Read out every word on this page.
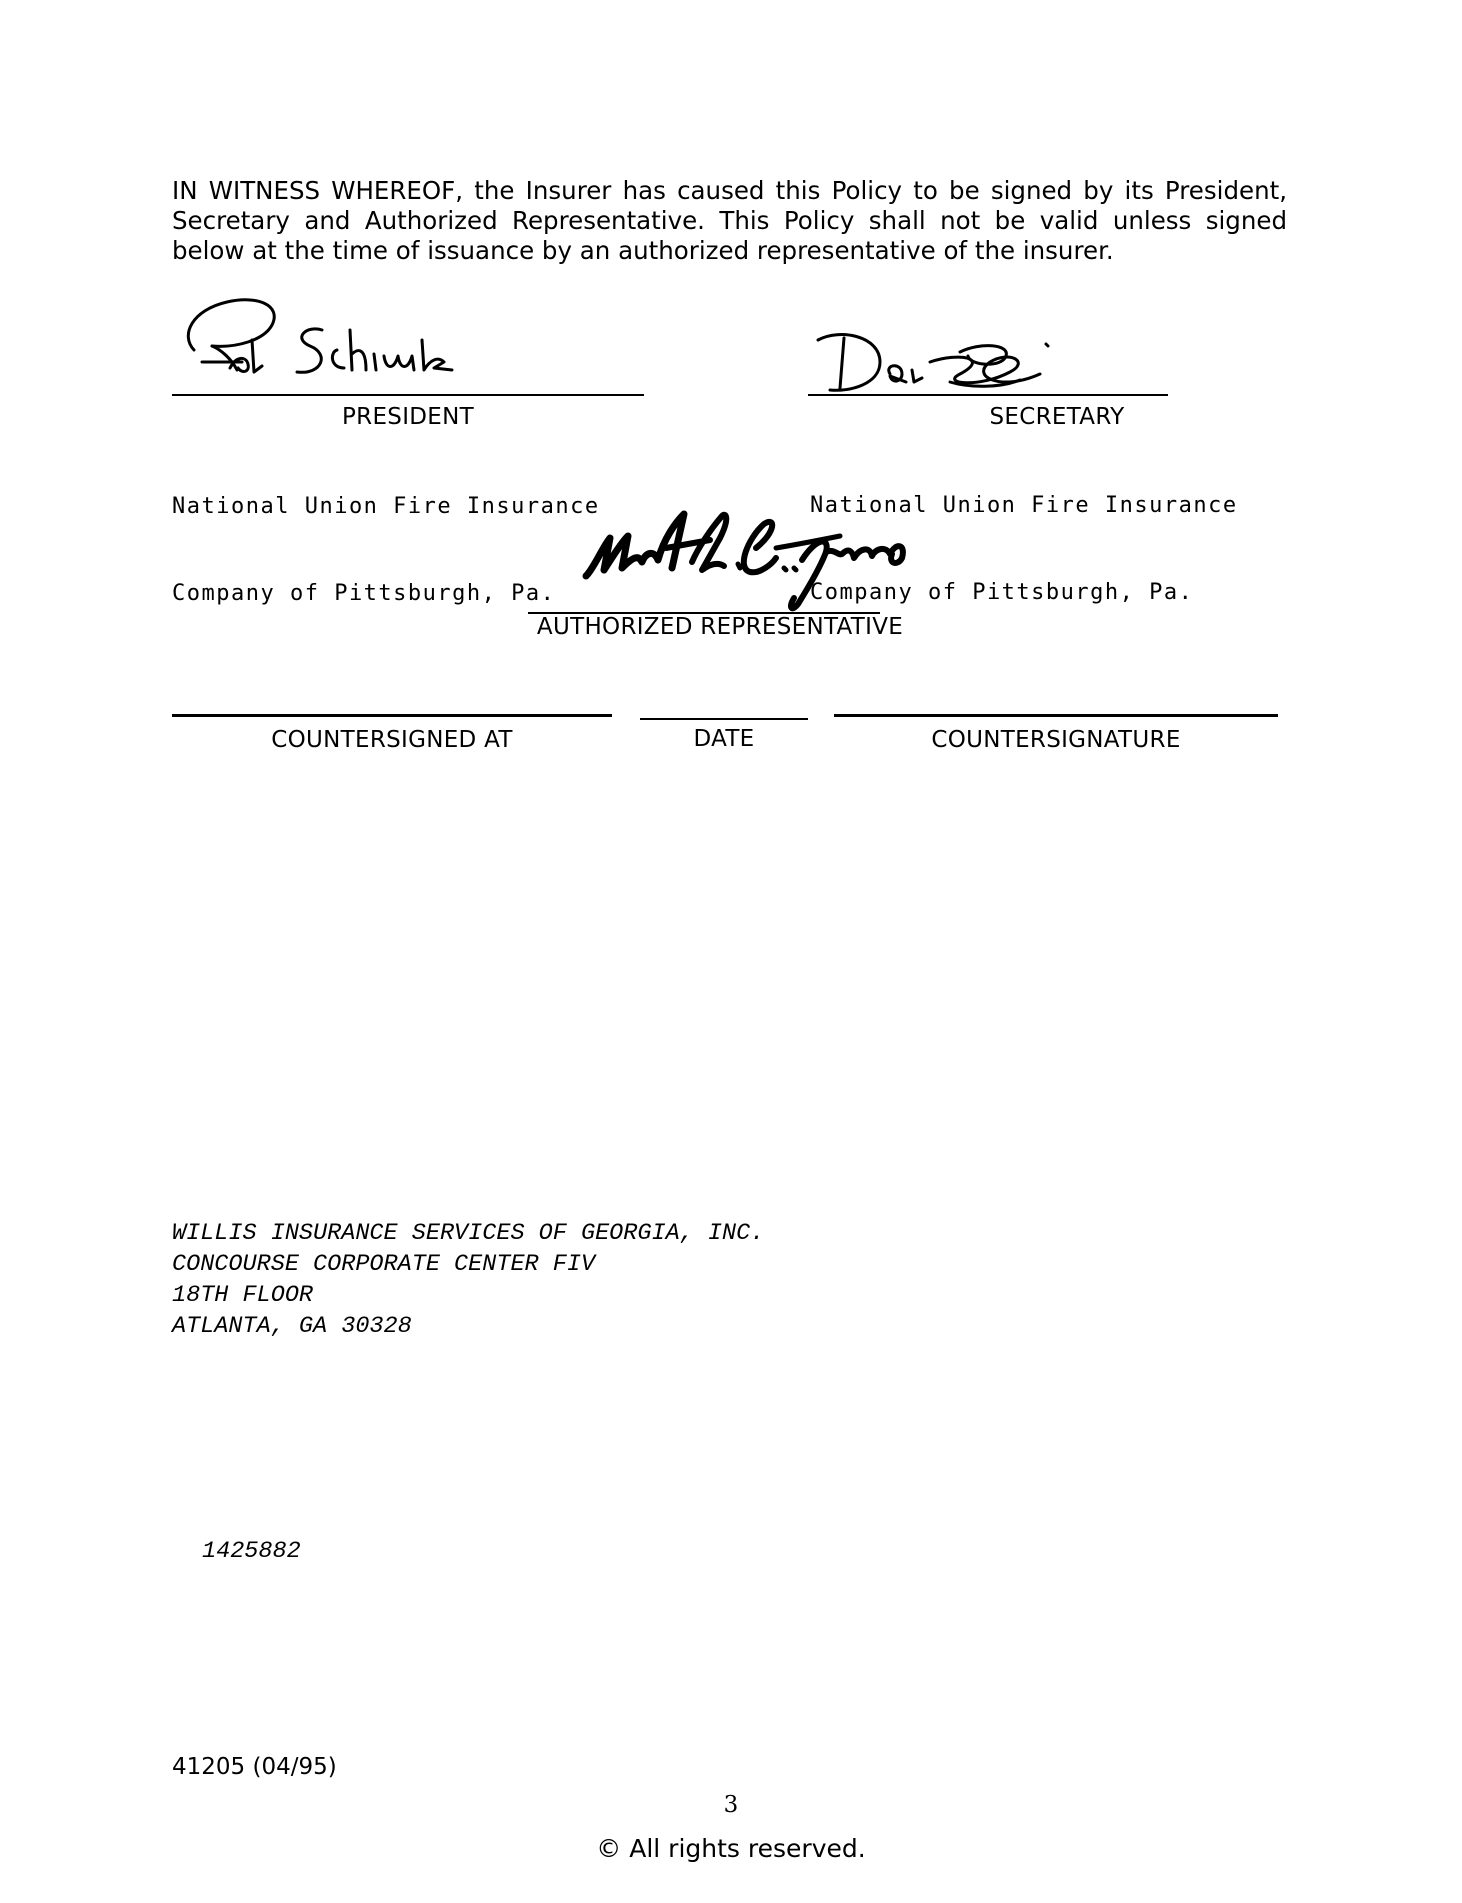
IN WITNESS WHEREOF, the Insurer has caused this Policy to be signed by its President, Secretary and Authorized Representative. This Policy shall not be valid unless signed below at the time of issuance by an authorized representative of the insurer.

PRESIDENT

National Union Fire Insurance

Company of Pittsburgh, Pa.

SECRETARY

National Union Fire Insurance

Company of Pittsburgh, Pa.

AUTHORIZED REPRESENTATIVE
COUNTERSIGNED AT	DATE	COUNTERSIGNATURE
WILLIS INSURANCE SERVICES OF GEORGIA, INC.
CONCOURSE CORPORATE CENTER FIV
18TH FLOOR
ATLANTA, GA 30328
1425882
41205 (04/95)
3
© All rights reserved.
